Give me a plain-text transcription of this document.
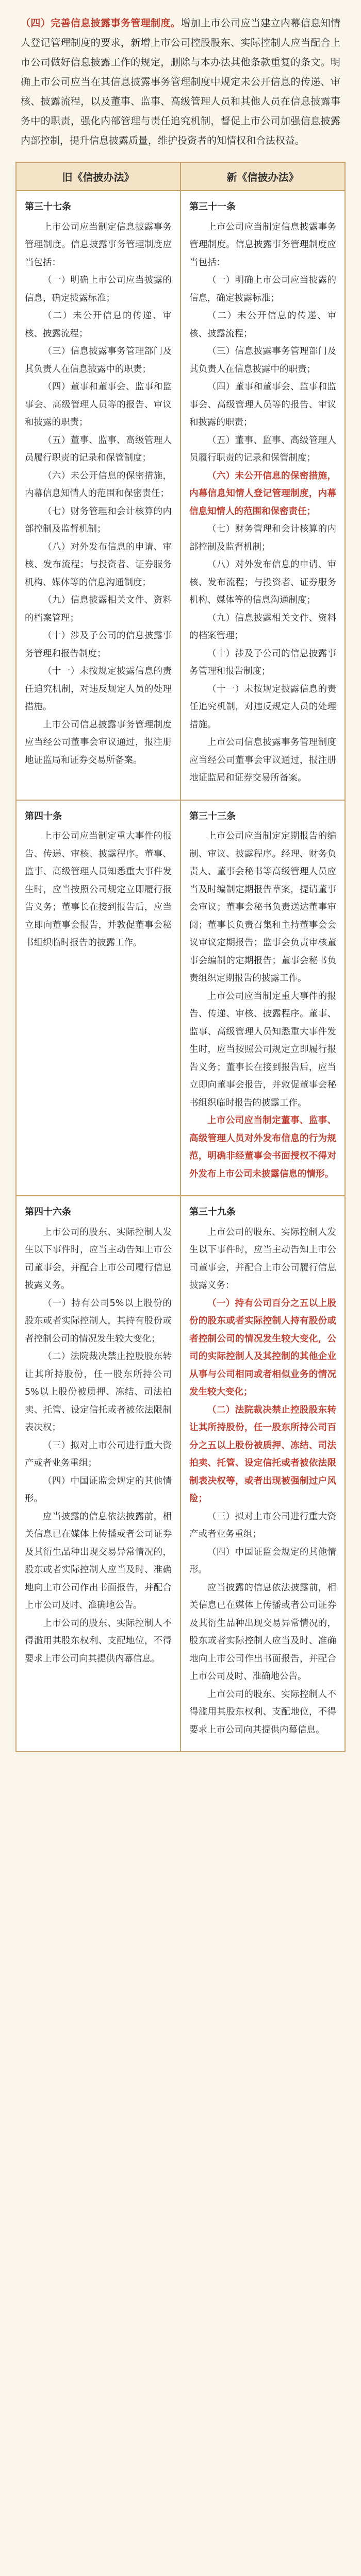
（四）完善信息披露事务管理制度。增加上市公司应当建立内幕信息知情人登记管理制度的要求，新增上市公司控股股东、实际控制人应当配合上市公司做好信息披露工作的规定，删除与本办法其他条款重复的条文。明确上市公司应当在其信息披露事务管理制度中规定未公开信息的传递、审核、披露流程，以及董事、监事、高级管理人员和其他人员在信息披露事务中的职责，强化内部管理与责任追究机制，督促上市公司加强信息披露内部控制，提升信息披露质量，维护投资者的知情权和合法权益。
旧《信披办法》	新《信披办法》
第三十七条
上市公司应当制定信息披露事务管理制度。信息披露事务管理制度应当包括：
（一）明确上市公司应当披露的信息，确定披露标准；
（二）未公开信息的传递、审核、披露流程；
（三）信息披露事务管理部门及其负责人在信息披露中的职责；
（四）董事和董事会、监事和监事会、高级管理人员等的报告、审议和披露的职责；
（五）董事、监事、高级管理人员履行职责的记录和保管制度；
（六）未公开信息的保密措施，内幕信息知情人的范围和保密责任；
（七）财务管理和会计核算的内部控制及监督机制；
（八）对外发布信息的申请、审核、发布流程；与投资者、证券服务机构、媒体等的信息沟通制度；
（九）信息披露相关文件、资料的档案管理；
（十）涉及子公司的信息披露事务管理和报告制度；
（十一）未按规定披露信息的责任追究机制，对违反规定人员的处理措施。
上市公司信息披露事务管理制度应当经公司董事会审议通过，报注册地证监局和证券交易所备案。
第三十一条
上市公司应当制定信息披露事务管理制度。信息披露事务管理制度应当包括：
（一）明确上市公司应当披露的信息，确定披露标准；
（二）未公开信息的传递、审核、披露流程；
（三）信息披露事务管理部门及其负责人在信息披露中的职责；
（四）董事和董事会、监事和监事会、高级管理人员等的报告、审议和披露的职责；
（五）董事、监事、高级管理人员履行职责的记录和保管制度；
（六）未公开信息的保密措施，内幕信息知情人登记管理制度，内幕信息知情人的范围和保密责任；
（七）财务管理和会计核算的内部控制及监督机制；
（八）对外发布信息的申请、审核、发布流程；与投资者、证券服务机构、媒体等的信息沟通制度；
（九）信息披露相关文件、资料的档案管理；
（十）涉及子公司的信息披露事务管理和报告制度；
（十一）未按规定披露信息的责任追究机制，对违反规定人员的处理措施。
上市公司信息披露事务管理制度应当经公司董事会审议通过，报注册地证监局和证券交易所备案。
第四十条
上市公司应当制定重大事件的报告、传递、审核、披露程序。董事、监事、高级管理人员知悉重大事件发生时，应当按照公司规定立即履行报告义务；董事长在接到报告后，应当立即向董事会报告，并敦促董事会秘书组织临时报告的披露工作。
第三十三条
上市公司应当制定定期报告的编制、审议、披露程序。经理、财务负责人、董事会秘书等高级管理人员应当及时编制定期报告草案，提请董事会审议；董事会秘书负责送达董事审阅；董事长负责召集和主持董事会会议审议定期报告；监事会负责审核董事会编制的定期报告；董事会秘书负责组织定期报告的披露工作。
上市公司应当制定重大事件的报告、传递、审核、披露程序。董事、监事、高级管理人员知悉重大事件发生时，应当按照公司规定立即履行报告义务；董事长在接到报告后，应当立即向董事会报告，并敦促董事会秘书组织临时报告的披露工作。
上市公司应当制定董事、监事、高级管理人员对外发布信息的行为规范，明确非经董事会书面授权不得对外发布上市公司未披露信息的情形。
第四十六条
上市公司的股东、实际控制人发生以下事件时，应当主动告知上市公司董事会，并配合上市公司履行信息披露义务。
（一）持有公司5%以上股份的股东或者实际控制人，其持有股份或者控制公司的情况发生较大变化；
（二）法院裁决禁止控股股东转让其所持股份，任一股东所持公司5%以上股份被质押、冻结、司法拍卖、托管、设定信托或者被依法限制表决权；
（三）拟对上市公司进行重大资产或者业务重组；
（四）中国证监会规定的其他情形。
应当披露的信息依法披露前，相关信息已在媒体上传播或者公司证券及其衍生品种出现交易异常情况的，股东或者实际控制人应当及时、准确地向上市公司作出书面报告，并配合上市公司及时、准确地公告。
上市公司的股东、实际控制人不得滥用其股东权利、支配地位，不得要求上市公司向其提供内幕信息。
第三十九条
上市公司的股东、实际控制人发生以下事件时，应当主动告知上市公司董事会，并配合上市公司履行信息披露义务：
（一）持有公司百分之五以上股份的股东或者实际控制人持有股份或者控制公司的情况发生较大变化，公司的实际控制人及其控制的其他企业从事与公司相同或者相似业务的情况发生较大变化；
（二）法院裁决禁止控股股东转让其所持股份，任一股东所持公司百分之五以上股份被质押、冻结、司法拍卖、托管、设定信托或者被依法限制表决权等，或者出现被强制过户风险；
（三）拟对上市公司进行重大资产或者业务重组；
（四）中国证监会规定的其他情形。
应当披露的信息依法披露前，相关信息已在媒体上传播或者公司证券及其衍生品种出现交易异常情况的，股东或者实际控制人应当及时、准确地向上市公司作出书面报告，并配合上市公司及时、准确地公告。
上市公司的股东、实际控制人不得滥用其股东权利、支配地位，不得要求上市公司向其提供内幕信息。
